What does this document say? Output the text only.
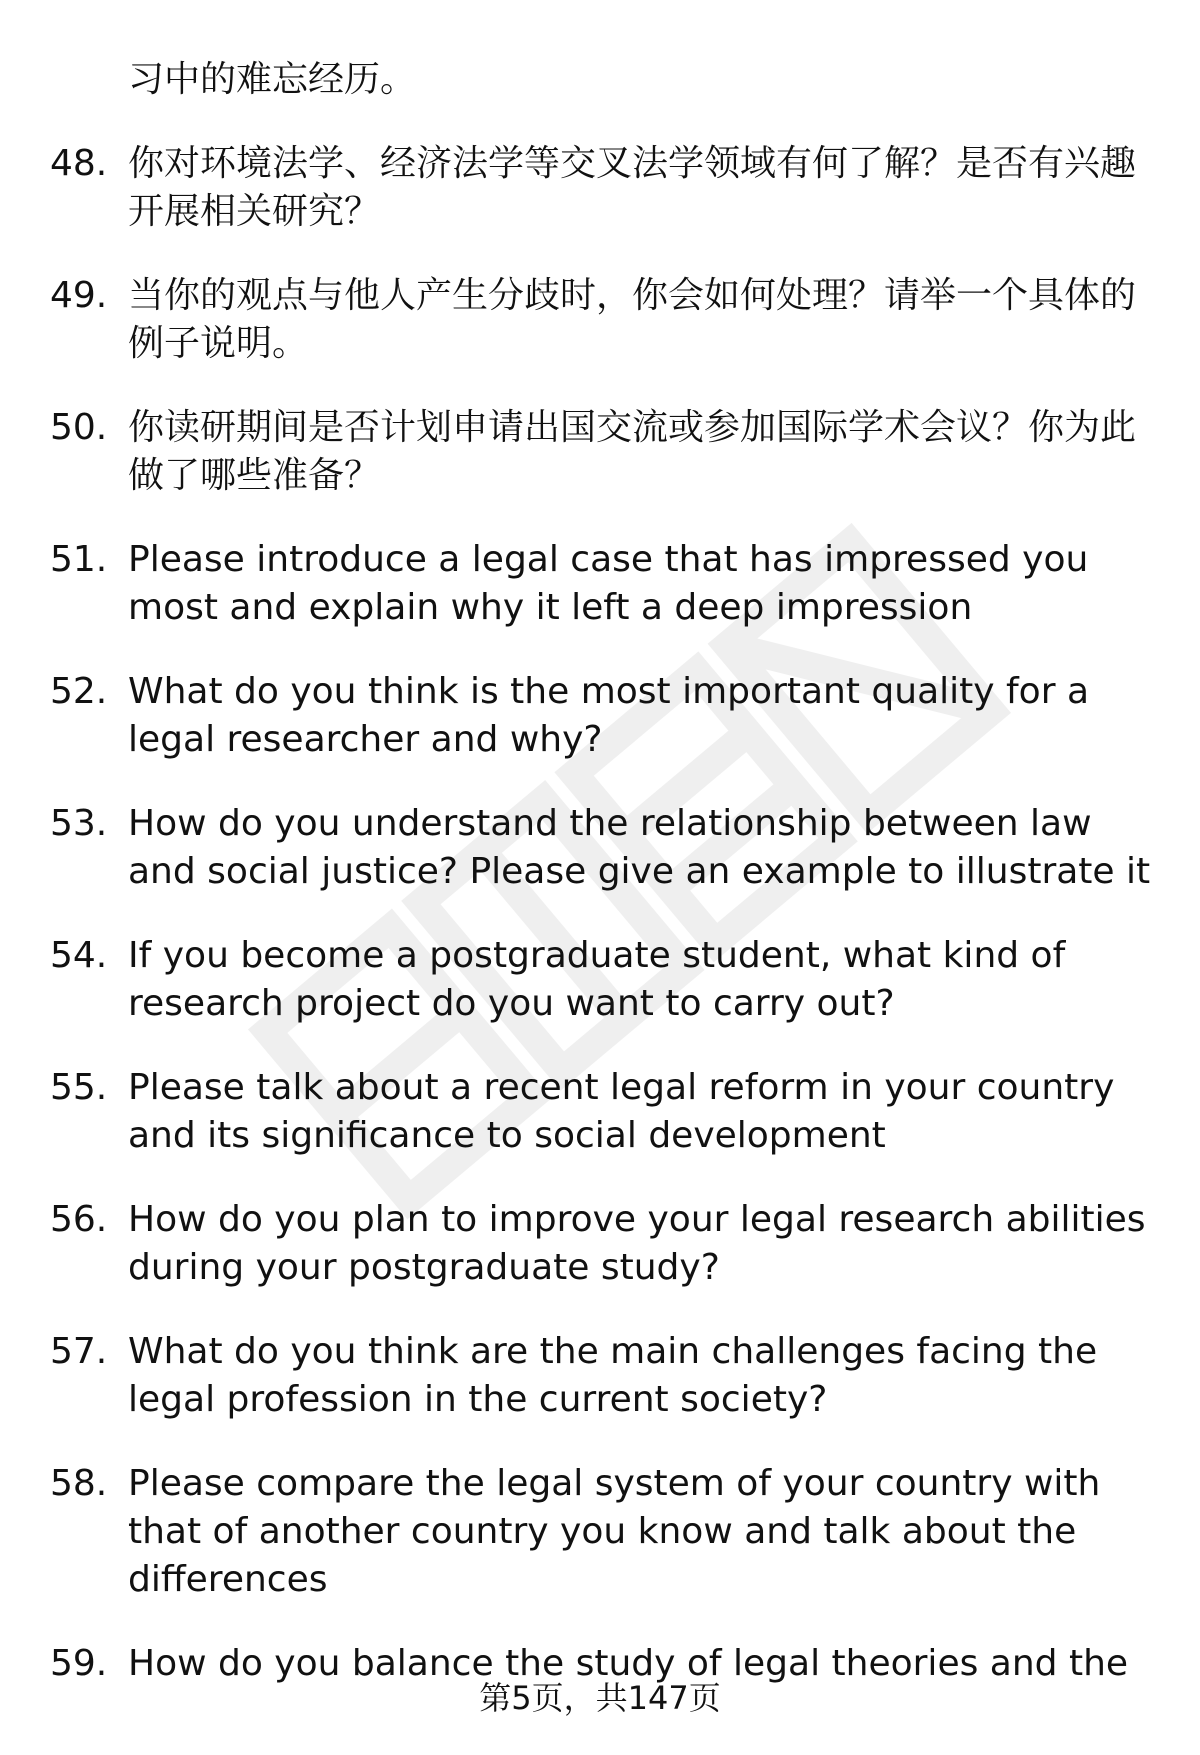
习中的难忘经历。
48. 你对环境法学、经济法学等交叉法学领域有何了解？是否有兴趣开展相关研究？
49. 当你的观点与他人产生分歧时，你会如何处理？请举一个具体的例子说明。
50. 你读研期间是否计划申请出国交流或参加国际学术会议？你为此做了哪些准备？
51. Please introduce a legal case that has impressed you most and explain why it left a deep impression
52. What do you think is the most important quality for a legal researcher and why?
53. How do you understand the relationship between law and social justice? Please give an example to illustrate it
54. If you become a postgraduate student, what kind of research project do you want to carry out?
55. Please talk about a recent legal reform in your country and its significance to social development
56. How do you plan to improve your legal research abilities during your postgraduate study?
57. What do you think are the main challenges facing the legal profession in the current society?
58. Please compare the legal system of your country with that of another country you know and talk about the differences
59. How do you balance the study of legal theories and the
第5页，共147页
